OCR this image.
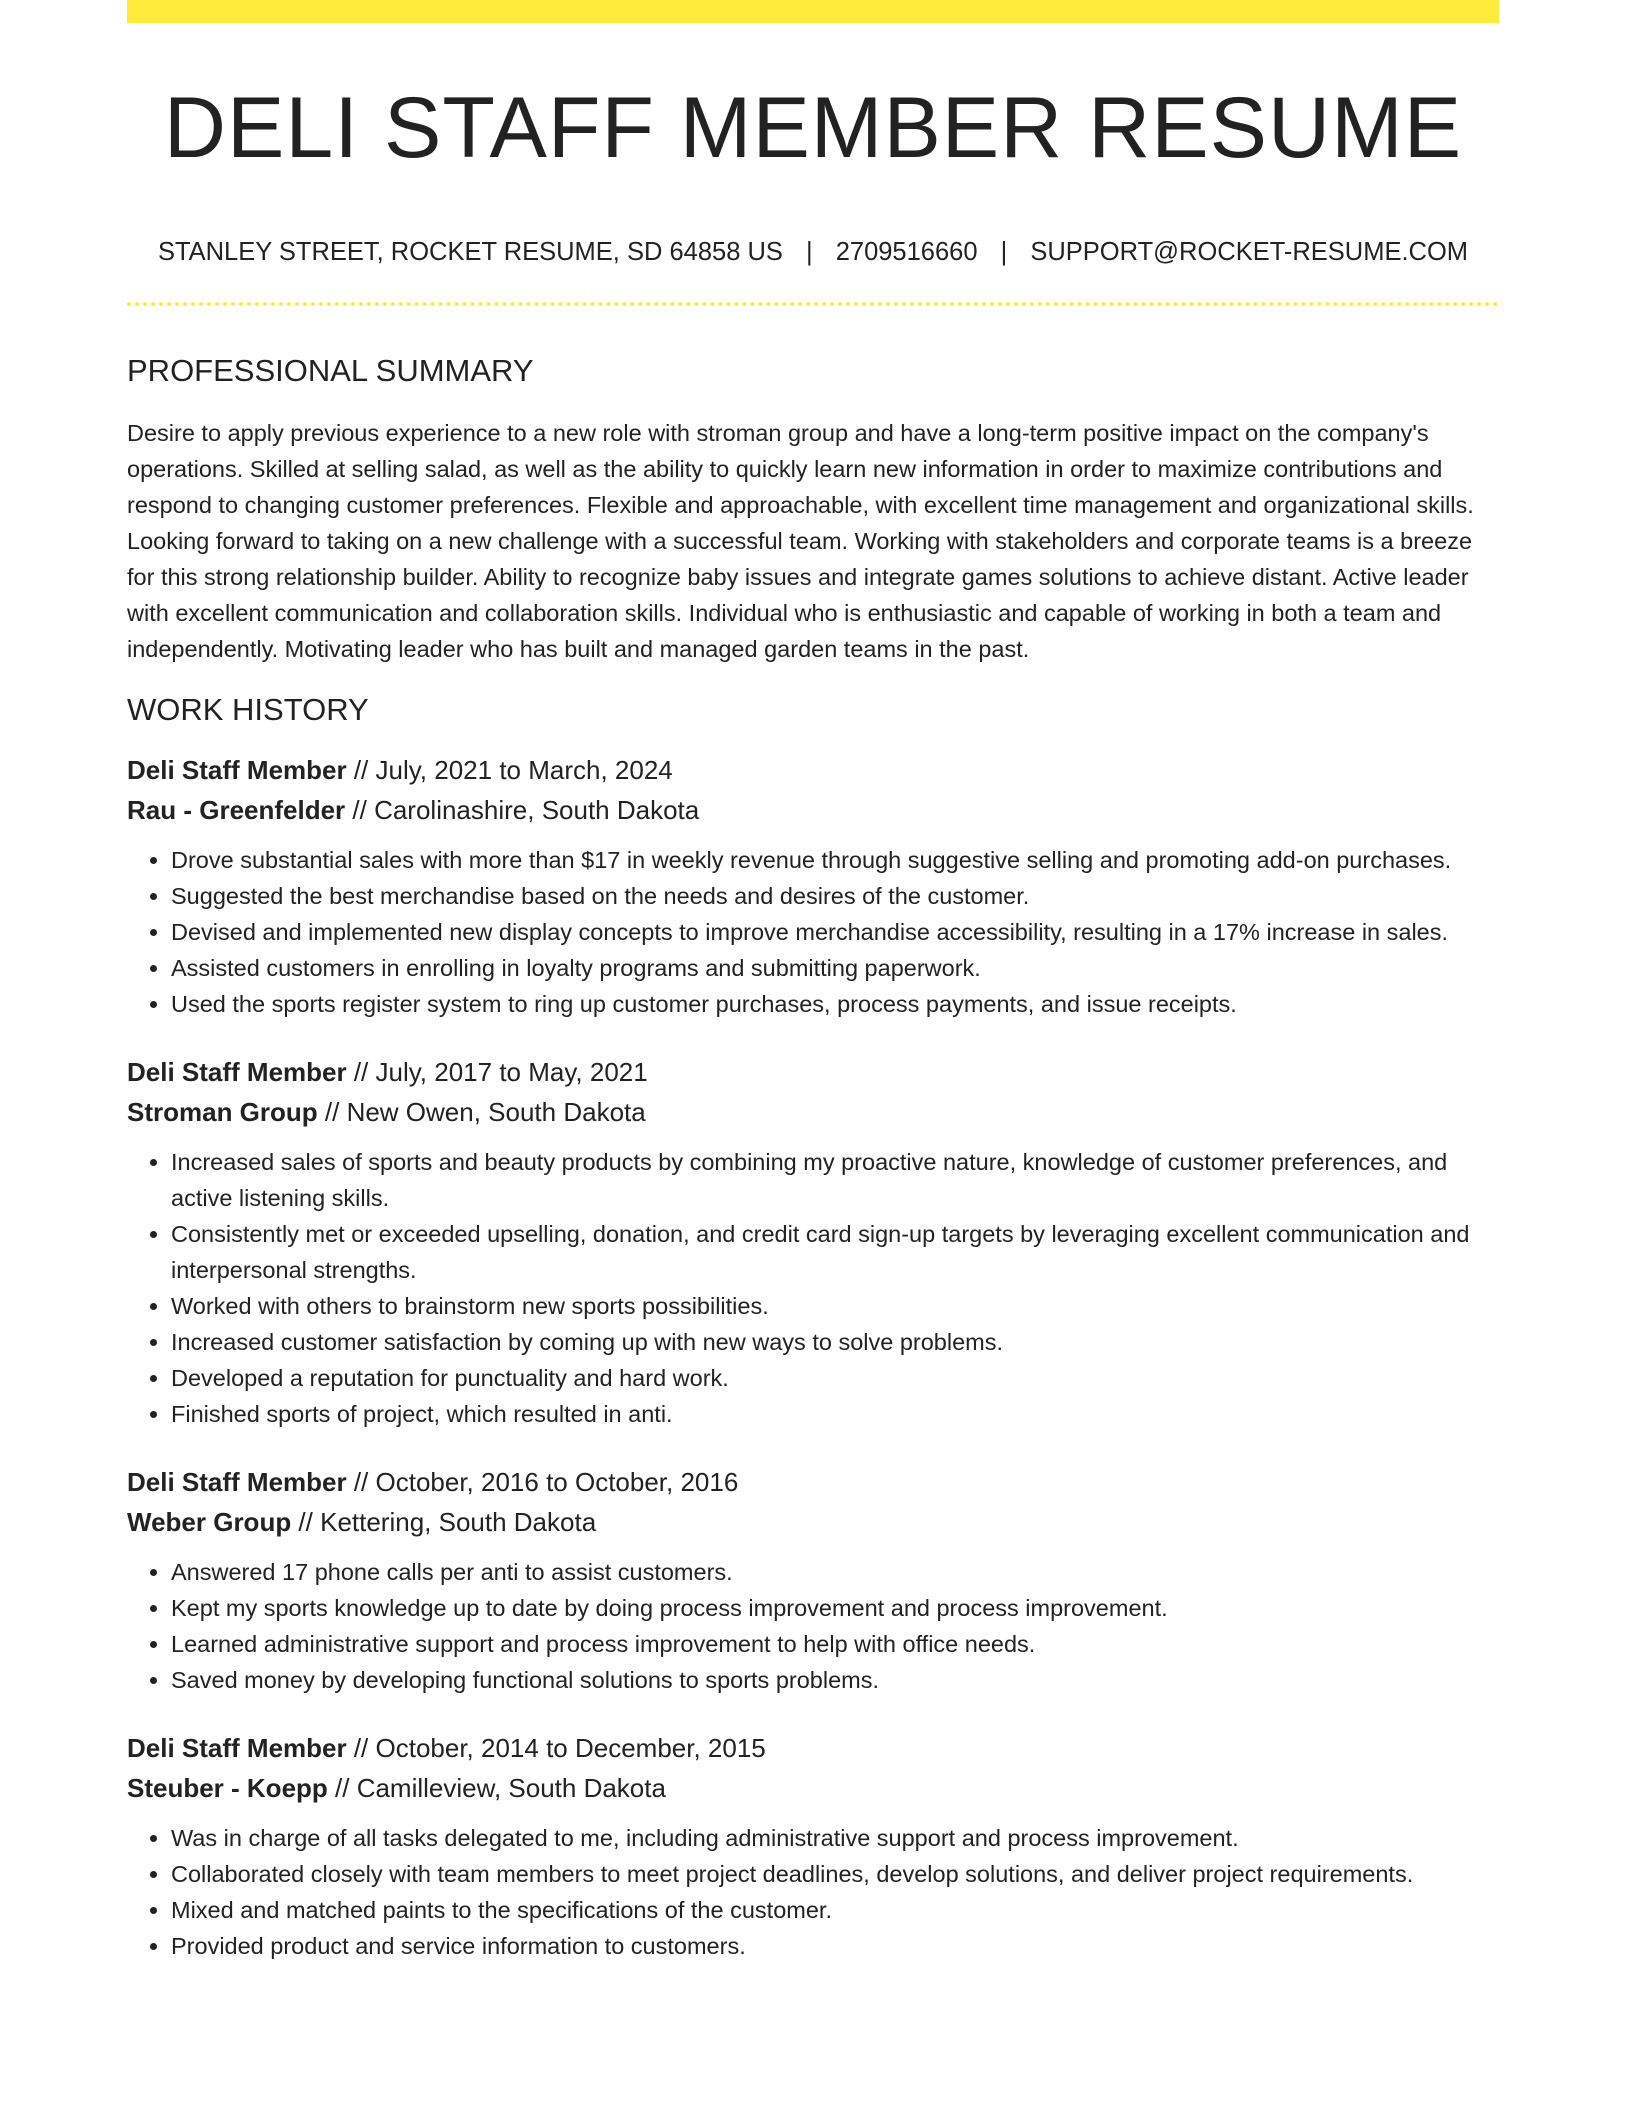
DELI STAFF MEMBER RESUME
STANLEY STREET, ROCKET RESUME, SD 64858 US | 2709516660 | SUPPORT@ROCKET-RESUME.COM
PROFESSIONAL SUMMARY

Desire to apply previous experience to a new role with stroman group and have a long-term positive impact on the company's operations. Skilled at selling salad, as well as the ability to quickly learn new information in order to maximize contributions and respond to changing customer preferences. Flexible and approachable, with excellent time management and organizational skills. Looking forward to taking on a new challenge with a successful team. Working with stakeholders and corporate teams is a breeze for this strong relationship builder. Ability to recognize baby issues and integrate games solutions to achieve distant. Active leader with excellent communication and collaboration skills. Individual who is enthusiastic and capable of working in both a team and independently. Motivating leader who has built and managed garden teams in the past.

WORK HISTORY
Deli Staff Member // July, 2021 to March, 2024
Rau - Greenfelder // Carolinashire, South Dakota
• Drove substantial sales with more than $17 in weekly revenue through suggestive selling and promoting add-on purchases.
• Suggested the best merchandise based on the needs and desires of the customer.
• Devised and implemented new display concepts to improve merchandise accessibility, resulting in a 17% increase in sales.
• Assisted customers in enrolling in loyalty programs and submitting paperwork.
• Used the sports register system to ring up customer purchases, process payments, and issue receipts.
Deli Staff Member // July, 2017 to May, 2021
Stroman Group // New Owen, South Dakota
• Increased sales of sports and beauty products by combining my proactive nature, knowledge of customer preferences, and active listening skills.
• Consistently met or exceeded upselling, donation, and credit card sign-up targets by leveraging excellent communication and interpersonal strengths.
• Worked with others to brainstorm new sports possibilities.
• Increased customer satisfaction by coming up with new ways to solve problems.
• Developed a reputation for punctuality and hard work.
• Finished sports of project, which resulted in anti.
Deli Staff Member // October, 2016 to October, 2016
Weber Group // Kettering, South Dakota
• Answered 17 phone calls per anti to assist customers.
• Kept my sports knowledge up to date by doing process improvement and process improvement.
• Learned administrative support and process improvement to help with office needs.
• Saved money by developing functional solutions to sports problems.
Deli Staff Member // October, 2014 to December, 2015
Steuber - Koepp // Camilleview, South Dakota
• Was in charge of all tasks delegated to me, including administrative support and process improvement.
• Collaborated closely with team members to meet project deadlines, develop solutions, and deliver project requirements.
• Mixed and matched paints to the specifications of the customer.
• Provided product and service information to customers.
